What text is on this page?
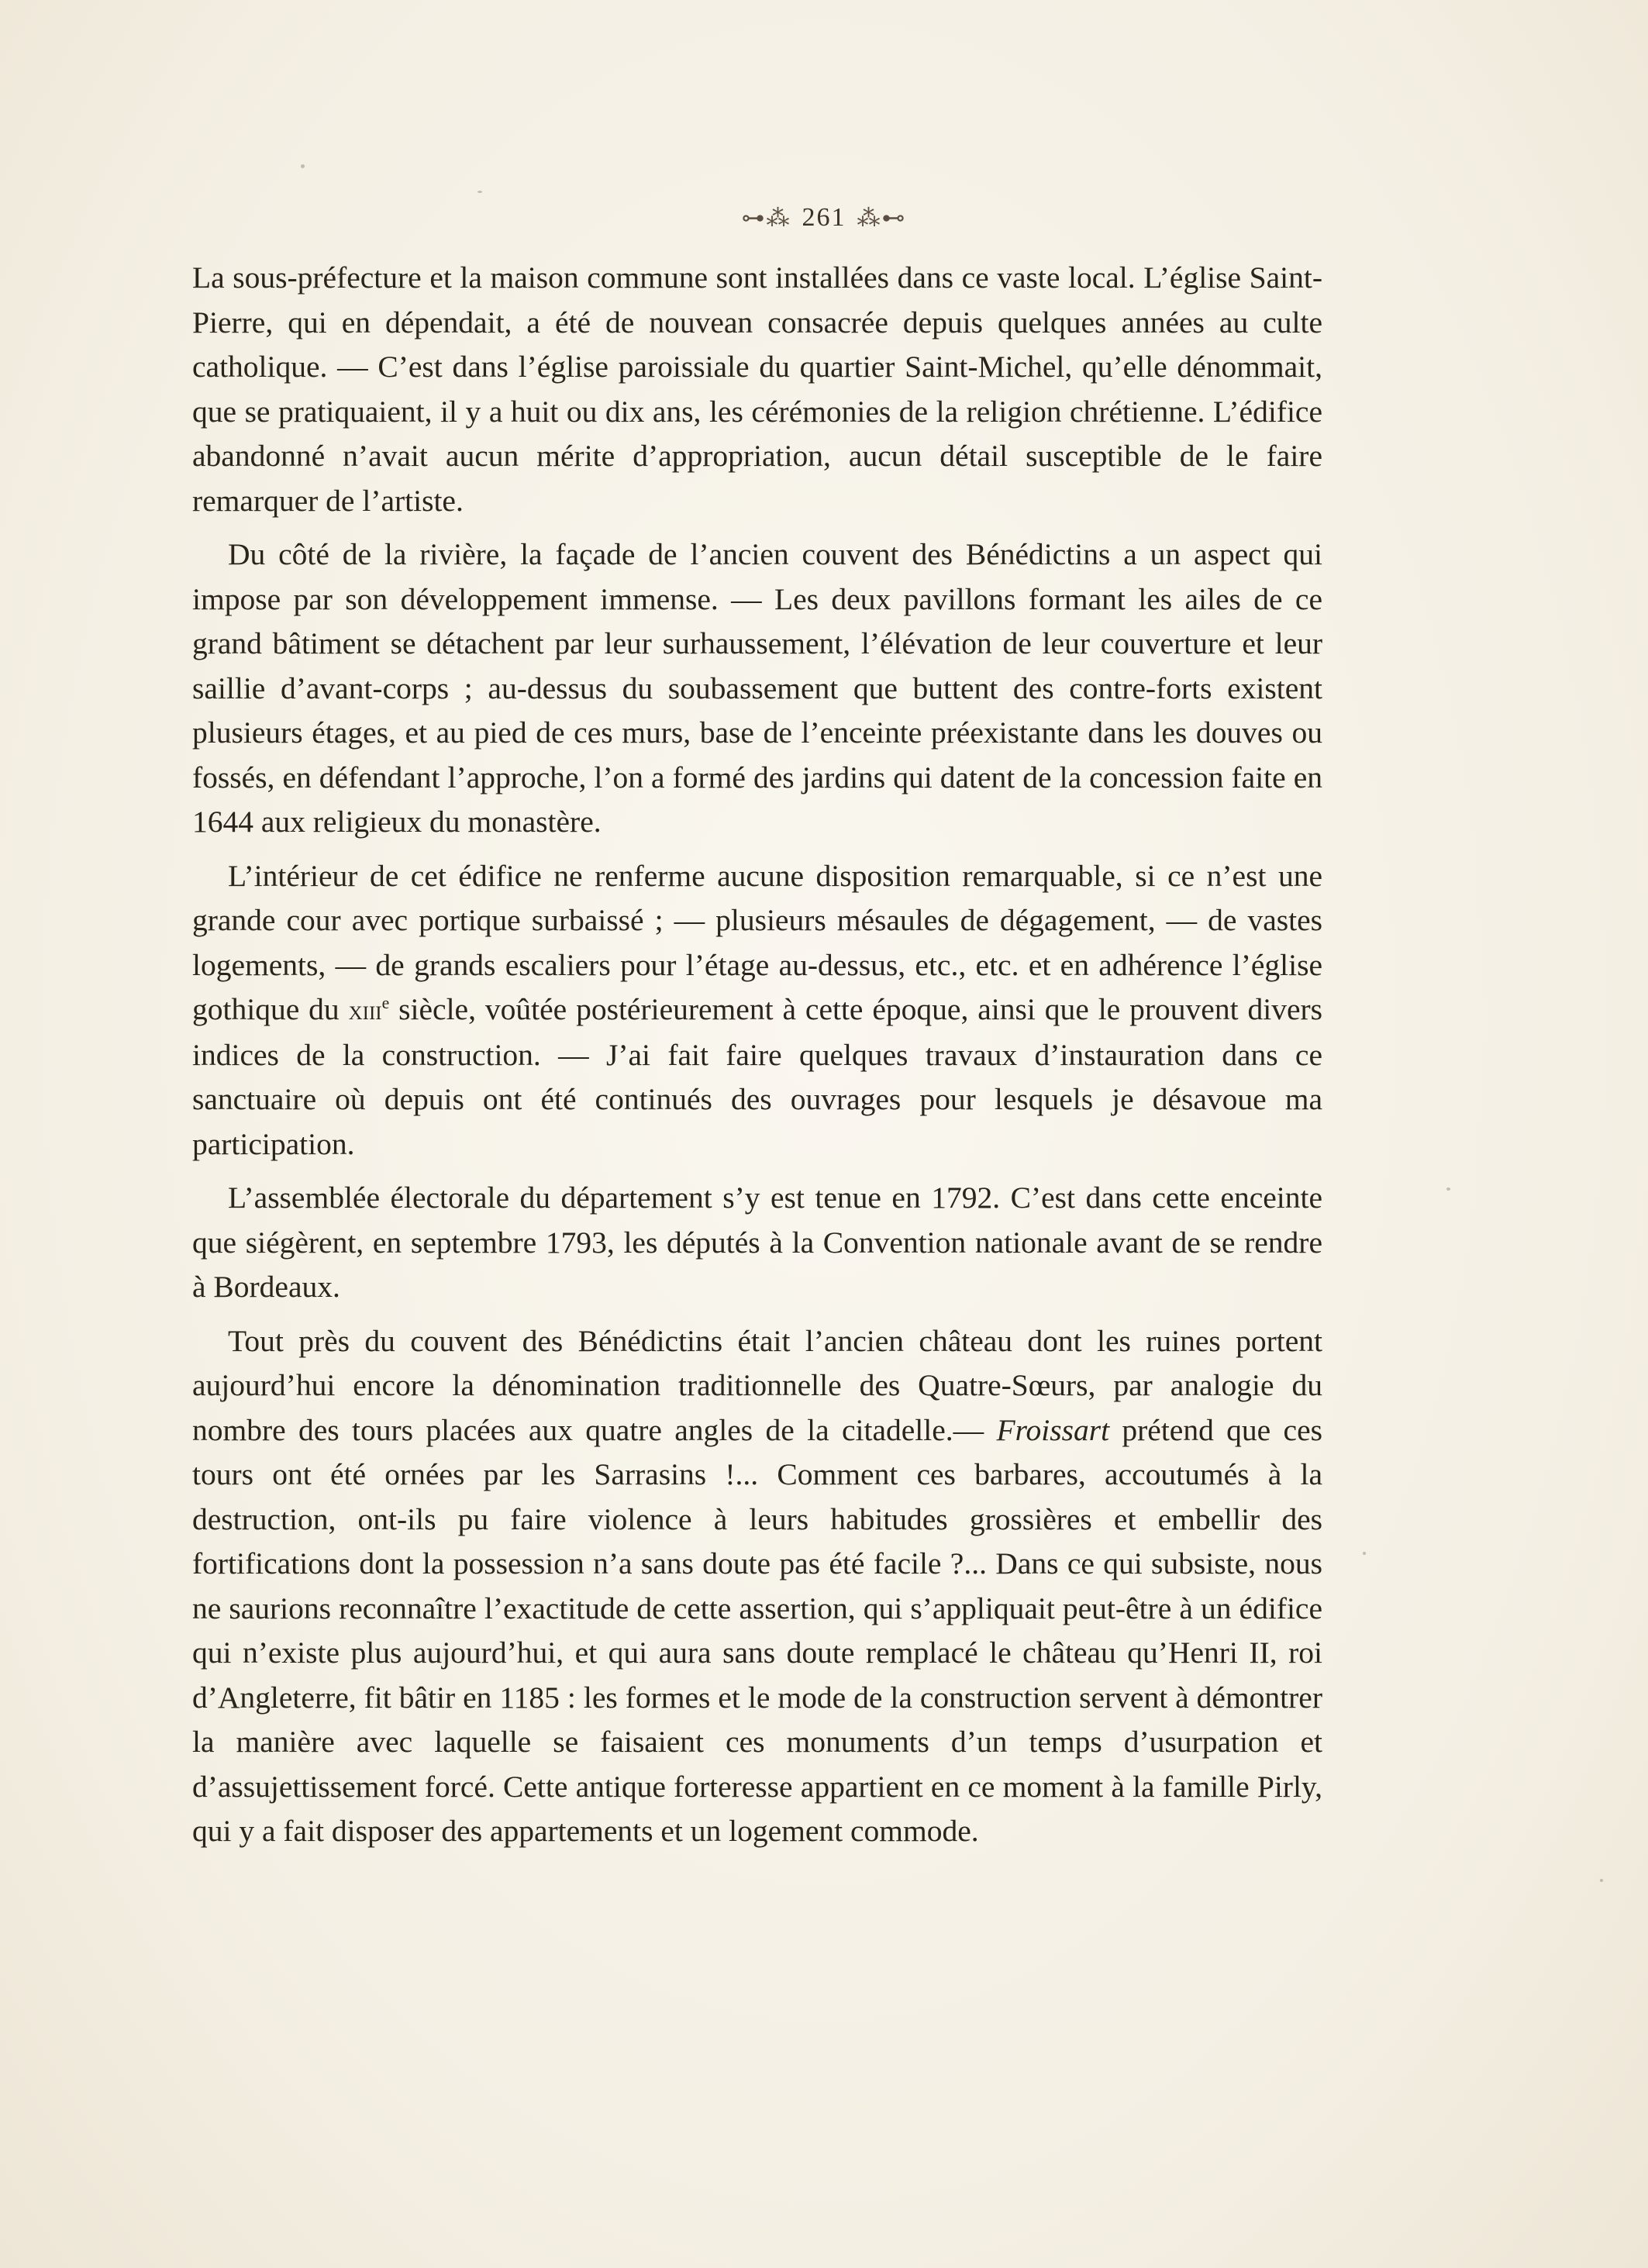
⊶⁂ 261 ⁂⊷

La sous-préfecture et la maison commune sont installées dans ce vaste local. L’église Saint-Pierre, qui en dépendait, a été de nouvean consacrée depuis quelques années au culte catholique. — C’est dans l’église paroissiale du quartier Saint-Michel, qu’elle dénommait, que se pratiquaient, il y a huit ou dix ans, les cérémonies de la religion chrétienne. L’édifice abandonné n’avait aucun mérite d’appropriation, aucun détail susceptible de le faire remarquer de l’artiste.

Du côté de la rivière, la façade de l’ancien couvent des Bénédictins a un aspect qui impose par son développement immense. — Les deux pavillons formant les ailes de ce grand bâtiment se détachent par leur surhaussement, l’élévation de leur couverture et leur saillie d’avant-corps ; au-dessus du soubassement que buttent des contre-forts existent plusieurs étages, et au pied de ces murs, base de l’enceinte préexistante dans les douves ou fossés, en défendant l’approche, l’on a formé des jardins qui datent de la concession faite en 1644 aux religieux du monastère.

L’intérieur de cet édifice ne renferme aucune disposition remarquable, si ce n’est une grande cour avec portique surbaissé ; — plusieurs mésaules de dégagement, — de vastes logements, — de grands escaliers pour l’étage au-dessus, etc., etc. et en adhérence l’église gothique du xiii$^e$ siècle, voûtée postérieurement à cette époque, ainsi que le prouvent divers indices de la construction. — J’ai fait faire quelques travaux d’instauration dans ce sanctuaire où depuis ont été continués des ouvrages pour lesquels je désavoue ma participation.

L’assemblée électorale du département s’y est tenue en 1792. C’est dans cette enceinte que siégèrent, en septembre 1793, les députés à la Convention nationale avant de se rendre à Bordeaux.

Tout près du couvent des Bénédictins était l’ancien château dont les ruines portent aujourd’hui encore la dénomination traditionnelle des Quatre-Sœurs, par analogie du nombre des tours placées aux quatre angles de la citadelle.— Froissart prétend que ces tours ont été ornées par les Sarrasins !... Comment ces barbares, accoutumés à la destruction, ont-ils pu faire violence à leurs habitudes grossières et embellir des fortifications dont la possession n’a sans doute pas été facile ?... Dans ce qui subsiste, nous ne saurions reconnaître l’exactitude de cette assertion, qui s’appliquait peut-être à un édifice qui n’existe plus aujourd’hui, et qui aura sans doute remplacé le château qu’Henri II, roi d’Angleterre, fit bâtir en 1185 : les formes et le mode de la construction servent à démontrer la manière avec laquelle se faisaient ces monuments d’un temps d’usurpation et d’assujettissement forcé. Cette antique forteresse appartient en ce moment à la famille Pirly, qui y a fait disposer des appartements et un logement commode.
